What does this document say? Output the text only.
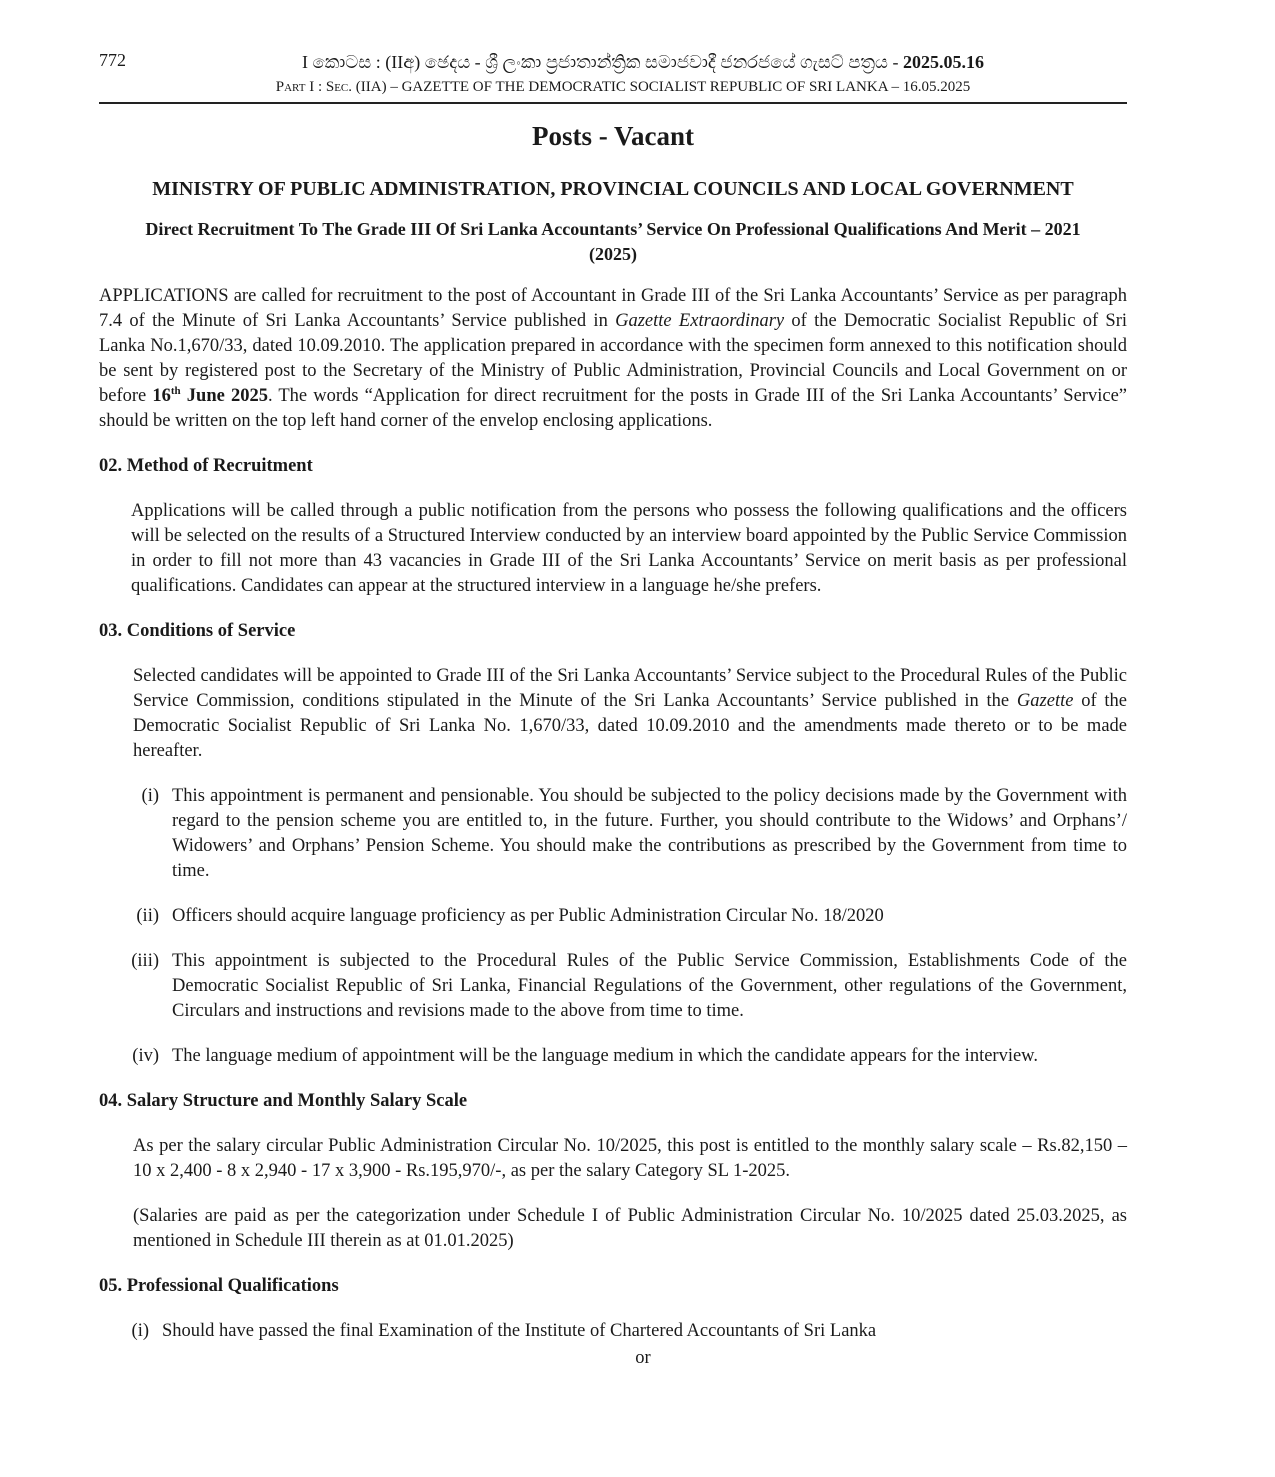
772	I කොටස : (IIඅ) ඡෙදය - ශ්‍රී ලංකා ප්‍රජාතාන්ත්‍රික සමාජවාදී ජනරජයේ ගැසට් පත්‍රය - 2025.05.16
Part I : Sec. (IIA) – GAZETTE OF THE DEMOCRATIC SOCIALIST REPUBLIC OF SRI LANKA – 16.05.2025
Posts - Vacant
MINISTRY OF PUBLIC ADMINISTRATION, PROVINCIAL COUNCILS AND LOCAL GOVERNMENT
Direct Recruitment To The Grade III Of Sri Lanka Accountants’ Service On Professional Qualifications And Merit – 2021 (2025)

APPLICATIONS are called for recruitment to the post of Accountant in Grade III of the Sri Lanka Accountants’ Service as per paragraph 7.4 of the Minute of Sri Lanka Accountants’ Service published in Gazette Extraordinary of the Democratic Socialist Republic of Sri Lanka No.1,670/33, dated 10.09.2010. The application prepared in accordance with the specimen form annexed to this notification should be sent by registered post to the Secretary of the Ministry of Public Administration, Provincial Councils and Local Government on or before 16th June 2025. The words “Application for direct recruitment for the posts in Grade III of the Sri Lanka Accountants’ Service” should be written on the top left hand corner of the envelop enclosing applications.

02. Method of Recruitment

Applications will be called through a public notification from the persons who possess the following qualifications and the officers will be selected on the results of a Structured Interview conducted by an interview board appointed by the Public Service Commission in order to fill not more than 43 vacancies in Grade III of the Sri Lanka Accountants’ Service on merit basis as per professional qualifications. Candidates can appear at the structured interview in a language he/she prefers.

03. Conditions of Service

Selected candidates will be appointed to Grade III of the Sri Lanka Accountants’ Service subject to the Procedural Rules of the Public Service Commission, conditions stipulated in the Minute of the Sri Lanka Accountants’ Service published in the Gazette of the Democratic Socialist Republic of Sri Lanka No. 1,670/33, dated 10.09.2010 and the amendments made thereto or to be made hereafter.

(i) This appointment is permanent and pensionable. You should be subjected to the policy decisions made by the Government with regard to the pension scheme you are entitled to, in the future. Further, you should contribute to the Widows’ and Orphans’/ Widowers’ and Orphans’ Pension Scheme. You should make the contributions as prescribed by the Government from time to time.
(ii) Officers should acquire language proficiency as per Public Administration Circular No. 18/2020
(iii) This appointment is subjected to the Procedural Rules of the Public Service Commission, Establishments Code of the Democratic Socialist Republic of Sri Lanka, Financial Regulations of the Government, other regulations of the Government, Circulars and instructions and revisions made to the above from time to time.
(iv) The language medium of appointment will be the language medium in which the candidate appears for the interview.
04. Salary Structure and Monthly Salary Scale

As per the salary circular Public Administration Circular No. 10/2025, this post is entitled to the monthly salary scale – Rs.82,150 – 10 x 2,400 - 8 x 2,940 - 17 x 3,900 - Rs.195,970/-, as per the salary Category SL 1-2025.

(Salaries are paid as per the categorization under Schedule I of Public Administration Circular No. 10/2025 dated 25.03.2025, as mentioned in Schedule III therein as at 01.01.2025)

05. Professional Qualifications
(i) Should have passed the final Examination of the Institute of Chartered Accountants of Sri Lanka
or
